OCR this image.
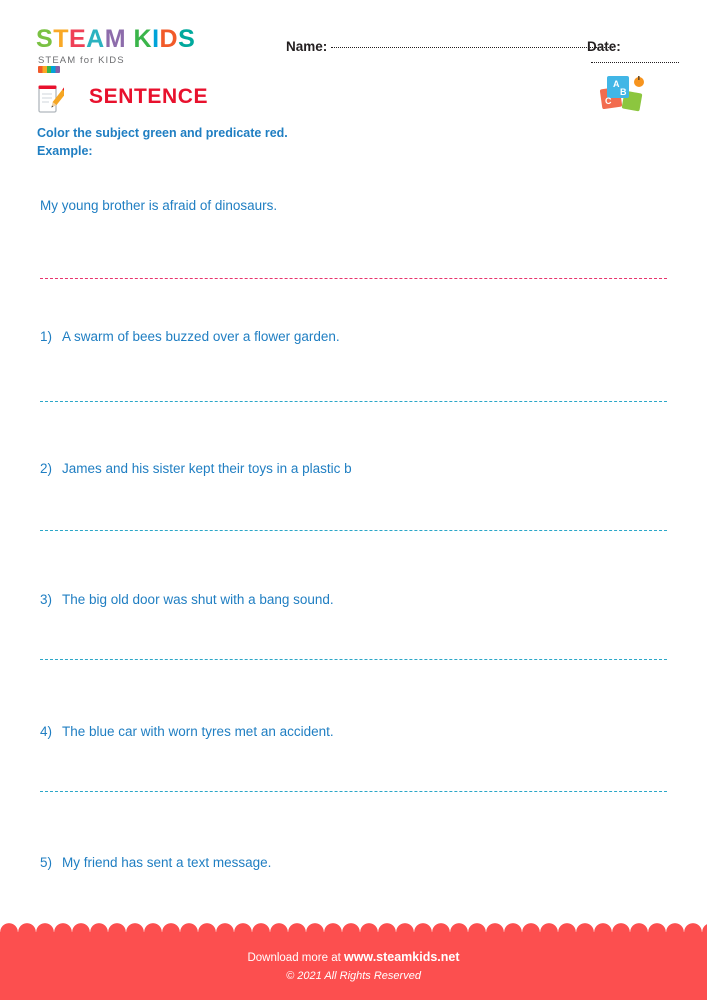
STEAM KIDS
STEAM for KIDS
Name:	Date:
SENTENCE
A
B
C
Color the subject green and predicate red.
Example:
My young brother is afraid of dinosaurs.
1) A swarm of bees buzzed over a flower garden.
2) James and his sister kept their toys in a plastic b
3) The big old door was shut with a bang sound.
4) The blue car with worn tyres met an accident.
5) My friend has sent a text message.
Download more at www.steamkids.net
© 2021 All Rights Reserved
